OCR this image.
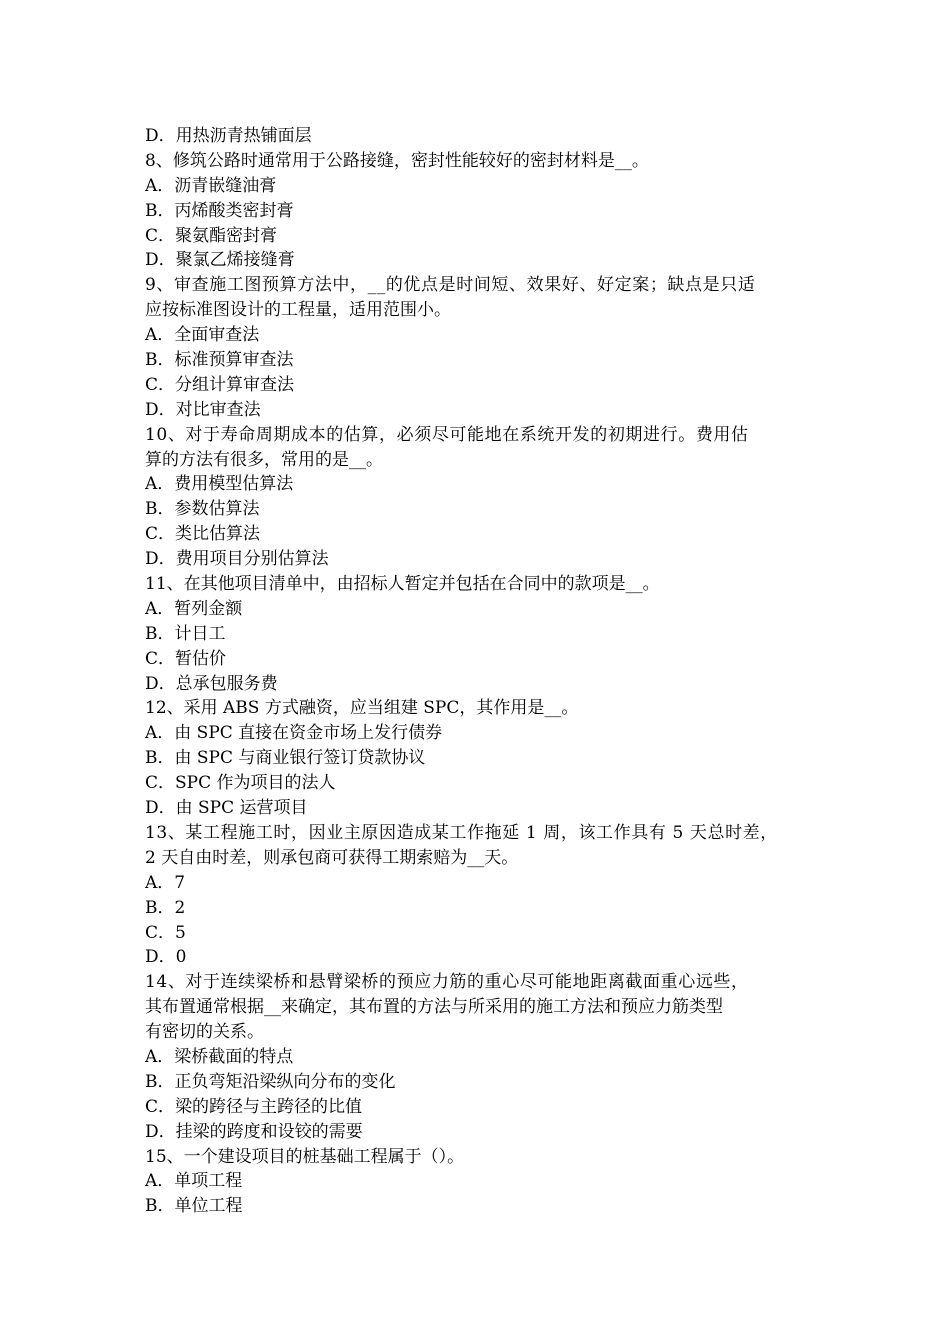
D．用热沥青热铺面层
8、修筑公路时通常用于公路接缝，密封性能较好的密封材料是__。
A．沥青嵌缝油膏
B．丙烯酸类密封膏
C．聚氨酯密封膏
D．聚氯乙烯接缝膏
9、审查施工图预算方法中，__的优点是时间短、效果好、好定案；缺点是只适
应按标准图设计的工程量，适用范围小。
A．全面审查法
B．标准预算审查法
C．分组计算审查法
D．对比审查法
10、对于寿命周期成本的估算，必须尽可能地在系统开发的初期进行。费用估
算的方法有很多，常用的是__。
A．费用模型估算法
B．参数估算法
C．类比估算法
D．费用项目分别估算法
11、在其他项目清单中，由招标人暂定并包括在合同中的款项是__。
A．暂列金额
B．计日工
C．暂估价
D．总承包服务费
12、采用 ABS 方式融资，应当组建 SPC，其作用是__。
A．由 SPC 直接在资金市场上发行债券
B．由 SPC 与商业银行签订贷款协议
C．SPC 作为项目的法人
D．由 SPC 运营项目
13、某工程施工时，因业主原因造成某工作拖延 1 周，该工作具有 5 天总时差，
2 天自由时差，则承包商可获得工期索赔为__天。
A．7
B．2
C．5
D．0
14、对于连续梁桥和悬臂梁桥的预应力筋的重心尽可能地距离截面重心远些，
其布置通常根据__来确定，其布置的方法与所采用的施工方法和预应力筋类型
有密切的关系。
A．梁桥截面的特点
B．正负弯矩沿梁纵向分布的变化
C．梁的跨径与主跨径的比值
D．挂梁的跨度和设铰的需要
15、一个建设项目的桩基础工程属于（）。
A．单项工程
B．单位工程
